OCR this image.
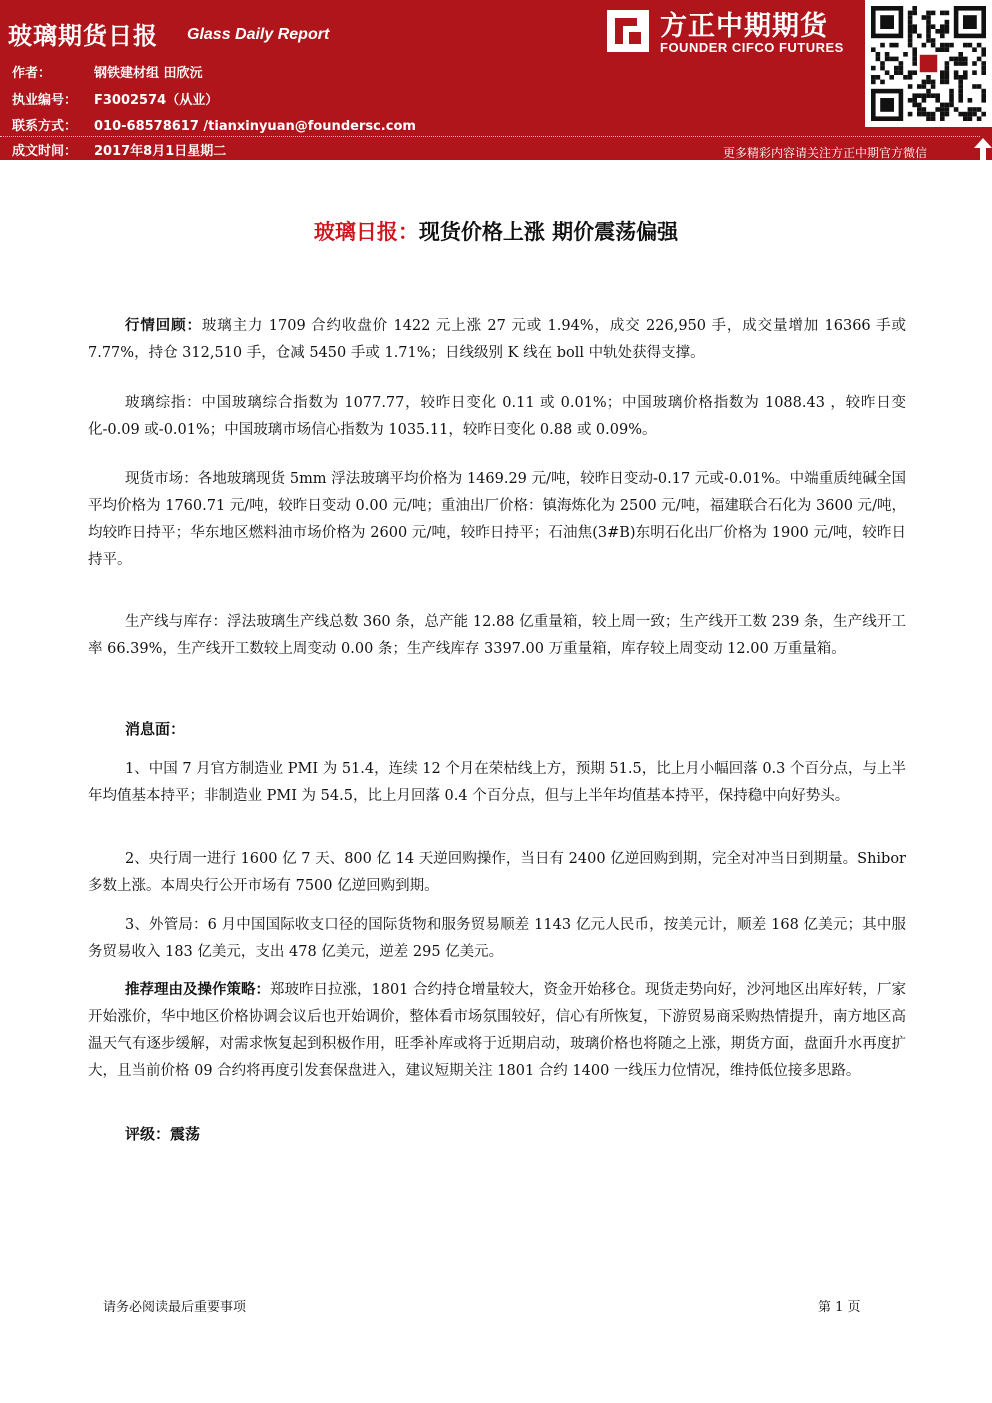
玻璃期货日报 Glass Daily Report
作者：	钢铁建材组 田欣沅
执业编号： F3002574（从业）
联系方式： 010-68578617 /tianxinyuan@foundersc.com
成文时间： 2017年8月1日星期二
方正中期期货
FOUNDER CIFCO FUTURES
更多精彩内容请关注方正中期官方微信
玻璃日报：现货价格上涨 期价震荡偏强
行情回顾：玻璃主力 1709 合约收盘价 1422 元上涨 27 元或 1.94%，成交 226,950 手，成交量增加 16366 手或 7.77%，持仓 312,510 手，仓减 5450 手或 1.71%；日线级别 K 线在 boll 中轨处获得支撑。
玻璃综指：中国玻璃综合指数为 1077.77，较昨日变化 0.11 或 0.01%；中国玻璃价格指数为 1088.43 ，较昨日变化-0.09 或-0.01%；中国玻璃市场信心指数为 1035.11，较昨日变化 0.88 或 0.09%。
现货市场：各地玻璃现货 5mm 浮法玻璃平均价格为 1469.29 元/吨，较昨日变动-0.17 元或-0.01%。中端重质纯碱全国平均价格为 1760.71 元/吨，较昨日变动 0.00 元/吨；重油出厂价格：镇海炼化为 2500 元/吨，福建联合石化为 3600 元/吨，均较昨日持平；华东地区燃料油市场价格为 2600 元/吨，较昨日持平；石油焦(3#B)东明石化出厂价格为 1900 元/吨，较昨日持平。
生产线与库存：浮法玻璃生产线总数 360 条，总产能 12.88 亿重量箱，较上周一致；生产线开工数 239 条，生产线开工率 66.39%，生产线开工数较上周变动 0.00 条；生产线库存 3397.00 万重量箱，库存较上周变动 12.00 万重量箱。
消息面：
1、中国 7 月官方制造业 PMI 为 51.4，连续 12 个月在荣枯线上方，预期 51.5，比上月小幅回落 0.3 个百分点，与上半年均值基本持平；非制造业 PMI 为 54.5，比上月回落 0.4 个百分点，但与上半年均值基本持平，保持稳中向好势头。
2、央行周一进行 1600 亿 7 天、800 亿 14 天逆回购操作，当日有 2400 亿逆回购到期，完全对冲当日到期量。Shibor 多数上涨。本周央行公开市场有 7500 亿逆回购到期。
3、外管局：6 月中国国际收支口径的国际货物和服务贸易顺差 1143 亿元人民币，按美元计，顺差 168 亿美元；其中服务贸易收入 183 亿美元，支出 478 亿美元，逆差 295 亿美元。
推荐理由及操作策略：郑玻昨日拉涨，1801 合约持仓增量较大，资金开始移仓。现货走势向好，沙河地区出库好转，厂家开始涨价，华中地区价格协调会议后也开始调价，整体看市场氛围较好，信心有所恢复，下游贸易商采购热情提升，南方地区高温天气有逐步缓解，对需求恢复起到积极作用，旺季补库或将于近期启动，玻璃价格也将随之上涨，期货方面，盘面升水再度扩大，且当前价格 09 合约将再度引发套保盘进入，建议短期关注 1801 合约 1400 一线压力位情况，维持低位接多思路。
评级：震荡
请务必阅读最后重要事项	第 1 页
